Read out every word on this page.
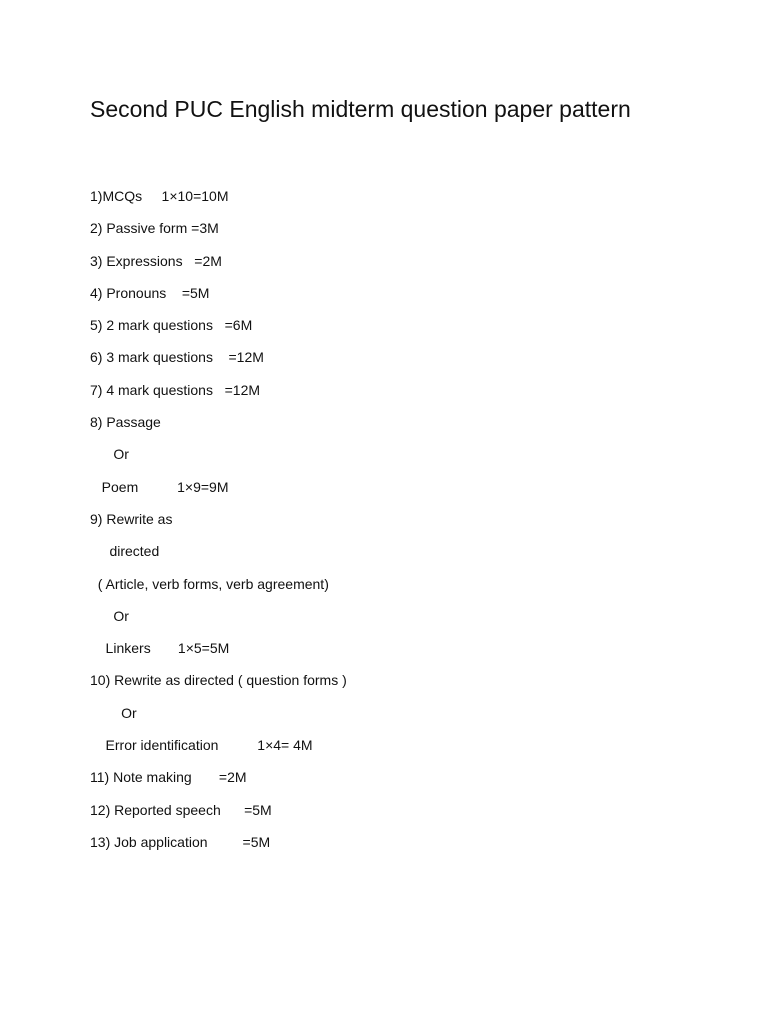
Second PUC English midterm question paper pattern
1)MCQs     1×10=10M
2) Passive form =3M
3) Expressions   =2M
4) Pronouns    =5M
5) 2 mark questions   =6M
6) 3 mark questions    =12M
7) 4 mark questions   =12M
8) Passage
Or
Poem          1×9=9M
9) Rewrite as
directed
( Article, verb forms, verb agreement)
Or
Linkers       1×5=5M
10) Rewrite as directed ( question forms )
Or
Error identification          1×4= 4M
11) Note making       =2M
12) Reported speech      =5M
13) Job application         =5M
